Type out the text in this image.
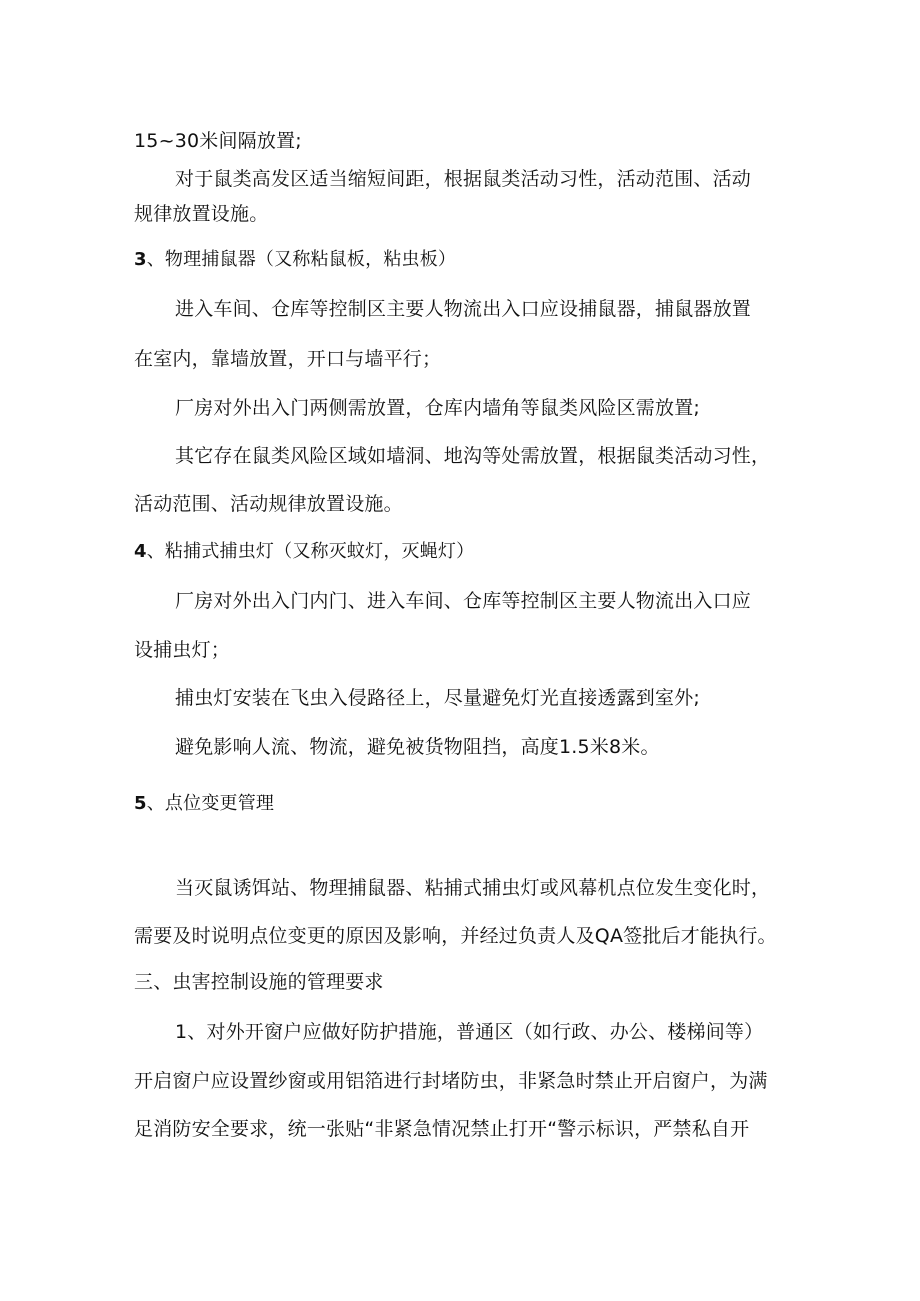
15~30米间隔放置;
对于鼠类高发区适当缩短间距，根据鼠类活动习性，活动范围、活动
规律放置设施。
3、物理捕鼠器（又称粘鼠板，粘虫板）
进入车间、仓库等控制区主要人物流出入口应设捕鼠器，捕鼠器放置
在室内，靠墙放置，开口与墙平行；
厂房对外出入门两侧需放置，仓库内墙角等鼠类风险区需放置;
其它存在鼠类风险区域如墙洞、地沟等处需放置，根据鼠类活动习性，
活动范围、活动规律放置设施。
4、粘捕式捕虫灯（又称灭蚊灯，灭蝇灯）
厂房对外出入门内门、进入车间、仓库等控制区主要人物流出入口应
设捕虫灯；
捕虫灯安装在飞虫入侵路径上，尽量避免灯光直接透露到室外;
避免影响人流、物流，避免被货物阻挡，高度1.5米8米。
5、点位变更管理
当灭鼠诱饵站、物理捕鼠器、粘捕式捕虫灯或风幕机点位发生变化时，
需要及时说明点位变更的原因及影响，并经过负责人及QA签批后才能执行。
三、虫害控制设施的管理要求
1、对外开窗户应做好防护措施，普通区（如行政、办公、楼梯间等）
开启窗户应设置纱窗或用铝箔进行封堵防虫，非紧急时禁止开启窗户，为满
足消防安全要求，统一张贴“非紧急情况禁止打开“警示标识，严禁私自开
